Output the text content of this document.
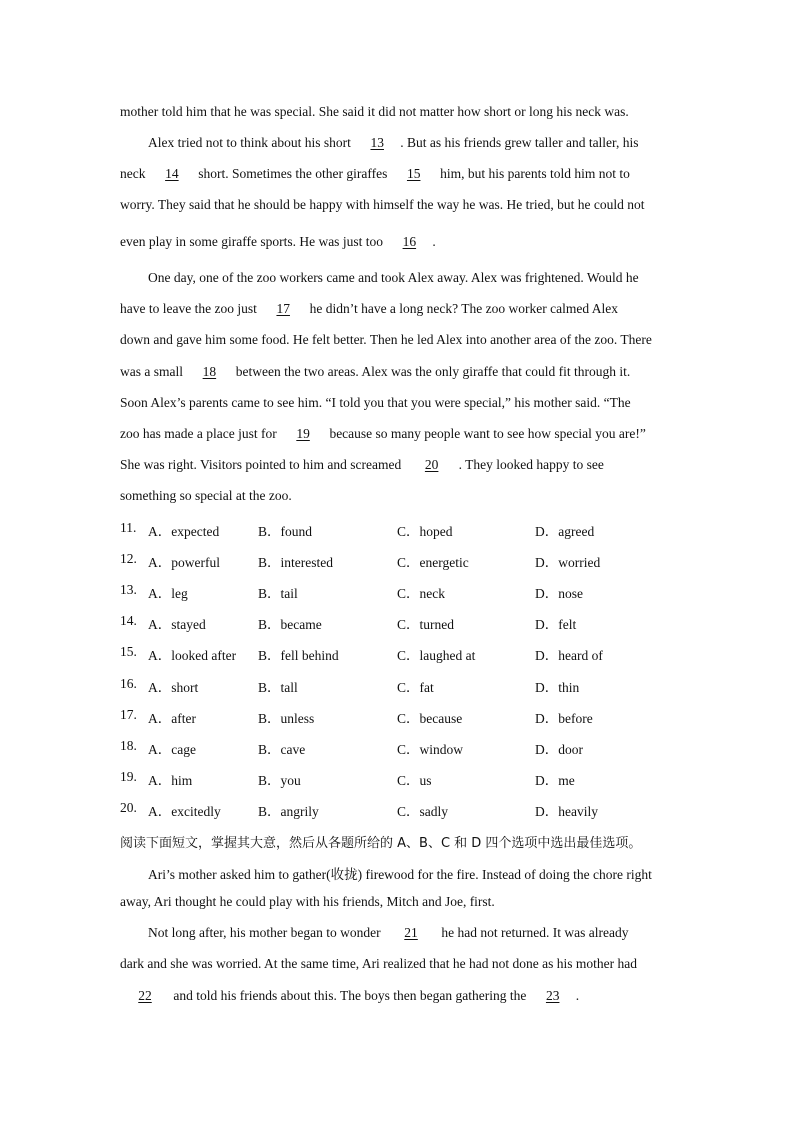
mother told him that he was special. She said it did not matter how short or long his neck was.
Alex tried not to think about his short 13 . But as his friends grew taller and taller, his
neck 14 short. Sometimes the other giraffes 15 him, but his parents told him not to
worry. They said that he should be happy with himself the way he was. He tried, but he could not
even play in some giraffe sports. He was just too 16 .
One day, one of the zoo workers came and took Alex away. Alex was frightened. Would he
have to leave the zoo just 17 he didn’t have a long neck? The zoo worker calmed Alex
down and gave him some food. He felt better. Then he led Alex into another area of the zoo. There
was a small 18 between the two areas. Alex was the only giraffe that could fit through it.
Soon Alex’s parents came to see him. “I told you that you were special,” his mother said. “The
zoo has made a place just for 19 because so many people want to see how special you are!”
She was right. Visitors pointed to him and screamed 20 . They looked happy to see
something so special at the zoo.
11. A．expected	B．found	C．hoped	D．agreed
12. A．powerful	B．interested	C．energetic	D．worried
13. A．leg	B．tail	C．neck	D．nose
14. A．stayed	B．became	C．turned	D．felt
15. A．looked after B．fell behind	C．laughed at	D．heard of
16. A．short	B．tall	C．fat	D．thin
17. A．after	B．unless	C．because	D．before
18. A．cage	B．cave	C．window	D．door
19. A．him	B．you	C．us	D．me
20. A．excitedly	B．angrily	C．sadly	D．heavily
阅读下面短文，掌握其大意，然后从各题所给的 A、B、C 和 D 四个选项中选出最佳选项。
Ari’s mother asked him to gather(收拢) firewood for the fire. Instead of doing the chore right
away, Ari thought he could play with his friends, Mitch and Joe, first.
Not long after, his mother began to wonder 21 he had not returned. It was already
dark and she was worried. At the same time, Ari realized that he had not done as his mother had
22 and told his friends about this. The boys then began gathering the 23 .
